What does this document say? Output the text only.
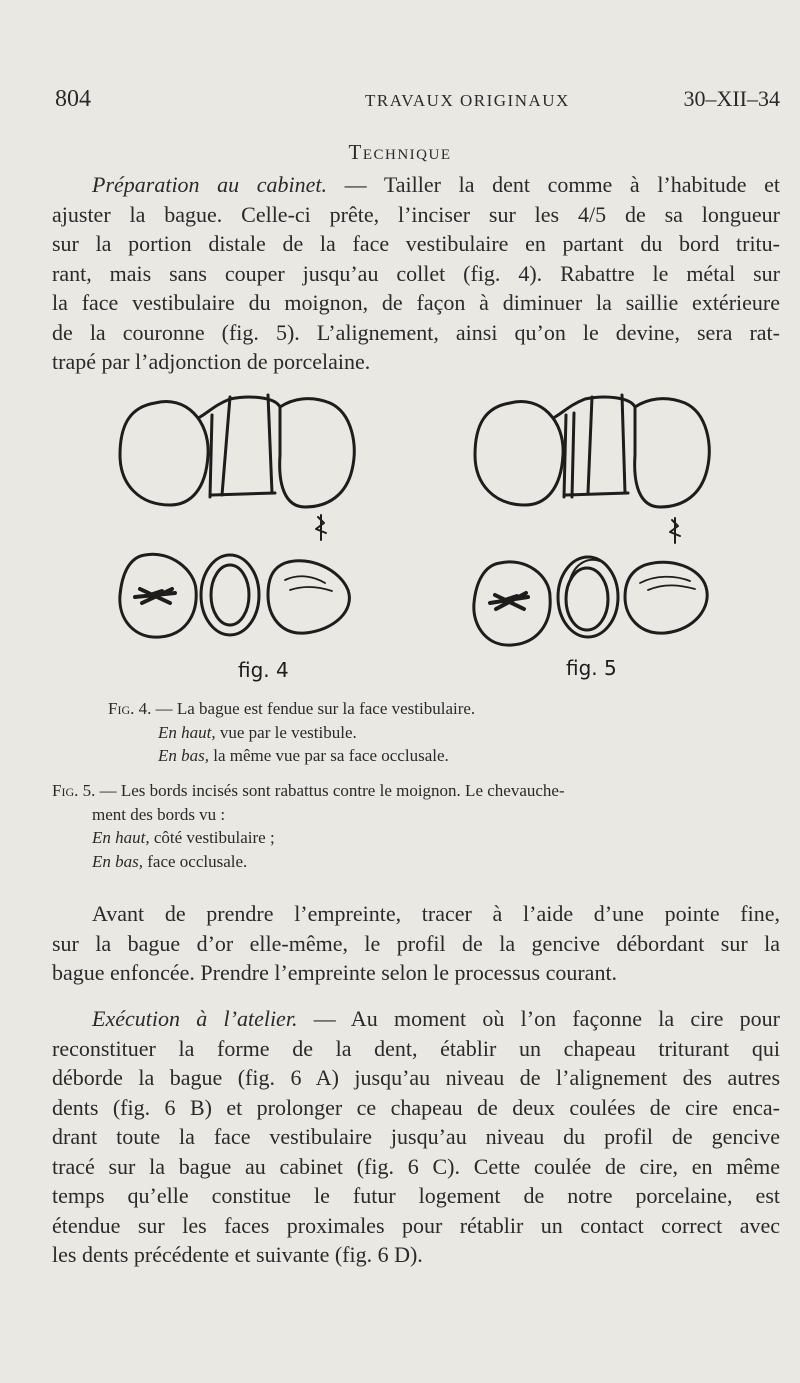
804	TRAVAUX ORIGINAUX	30–XII–34
Technique
Préparation au cabinet. — Tailler la dent comme à l’habitude et
ajuster la bague. Celle-ci prête, l’inciser sur les 4/5 de sa longueur
sur la portion distale de la face vestibulaire en partant du bord tritu-
rant, mais sans couper jusqu’au collet (fig. 4). Rabattre le métal sur
la face vestibulaire du moignon, de façon à diminuer la saillie extérieure
de la couronne (fig. 5). L’alignement, ainsi qu’on le devine, sera rat-
trapé par l’adjonction de porcelaine.
fig. 4	fig. 5
Fig. 4. — La bague est fendue sur la face vestibulaire.
En haut, vue par le vestibule.
En bas, la même vue par sa face occlusale.
Fig. 5. — Les bords incisés sont rabattus contre le moignon. Le chevauche-
ment des bords vu :
En haut, côté vestibulaire ;
En bas, face occlusale.
Avant de prendre l’empreinte, tracer à l’aide d’une pointe fine,
sur la bague d’or elle-même, le profil de la gencive débordant sur la
bague enfoncée. Prendre l’empreinte selon le processus courant.
Exécution à l’atelier. — Au moment où l’on façonne la cire pour
reconstituer la forme de la dent, établir un chapeau triturant qui
déborde la bague (fig. 6 A) jusqu’au niveau de l’alignement des autres
dents (fig. 6 B) et prolonger ce chapeau de deux coulées de cire enca-
drant toute la face vestibulaire jusqu’au niveau du profil de gencive
tracé sur la bague au cabinet (fig. 6 C). Cette coulée de cire, en même
temps qu’elle constitue le futur logement de notre porcelaine, est
étendue sur les faces proximales pour rétablir un contact correct avec
les dents précédente et suivante (fig. 6 D).
